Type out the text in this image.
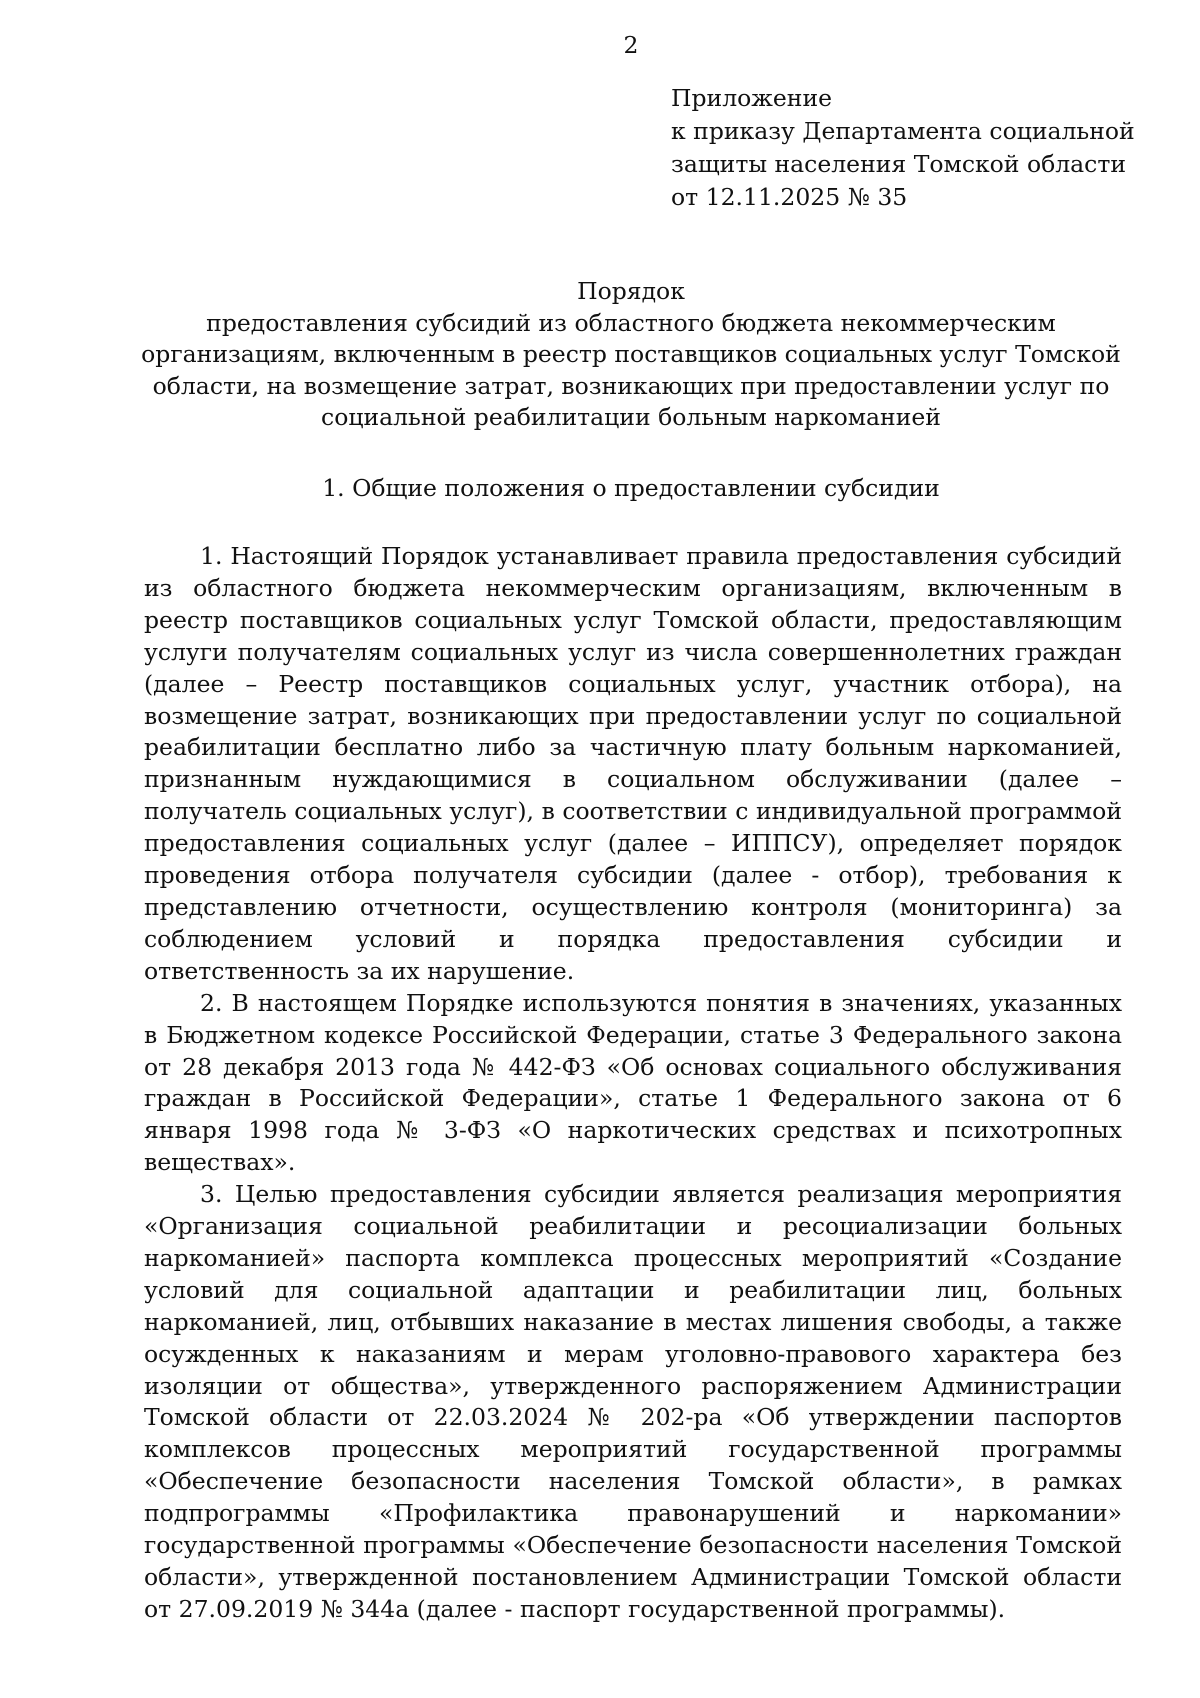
2

Приложение
к приказу Департамента социальной
защиты населения Томской области
от 12.11.2025 № 35
Порядок

предоставления субсидий из областного бюджета некоммерческим организациям, включенным в реестр поставщиков социальных услуг Томской области, на возмещение затрат, возникающих при предоставлении услуг по социальной реабилитации больным наркоманией

1. Общие положения о предоставлении субсидии

1. Настоящий Порядок устанавливает правила предоставления субсидий из областного бюджета некоммерческим организациям, включенным в реестр поставщиков социальных услуг Томской области, предоставляющим услуги получателям социальных услуг из числа совершеннолетних граждан (далее – Реестр поставщиков социальных услуг, участник отбора), на возмещение затрат, возникающих при предоставлении услуг по социальной реабилитации бесплатно либо за частичную плату больным наркоманией, признанным нуждающимися в социальном обслуживании (далее – получатель социальных услуг), в соответствии с индивидуальной программой предоставления социальных услуг (далее – ИППСУ), определяет порядок проведения отбора получателя субсидии (далее - отбор), требования к представлению отчетности, осуществлению контроля (мониторинга) за соблюдением условий и порядка предоставления субсидии и ответственность за их нарушение.

2. В настоящем Порядке используются понятия в значениях, указанных в Бюджетном кодексе Российской Федерации, статье 3 Федерального закона от 28 декабря 2013 года № 442-ФЗ «Об основах социального обслуживания граждан в Российской Федерации», статье 1 Федерального закона от 6 января 1998 года № 3-ФЗ «О наркотических средствах и психотропных веществах».

3. Целью предоставления субсидии является реализация мероприятия «Организация социальной реабилитации и ресоциализации больных наркоманией» паспорта комплекса процессных мероприятий «Создание условий для социальной адаптации и реабилитации лиц, больных наркоманией, лиц, отбывших наказание в местах лишения свободы, а также осужденных к наказаниям и мерам уголовно-правового характера без изоляции от общества», утвержденного распоряжением Администрации Томской области от 22.03.2024 № 202-ра «Об утверждении паспортов комплексов процессных мероприятий государственной программы «Обеспечение безопасности населения Томской области», в рамках подпрограммы «Профилактика правонарушений и наркомании» государственной программы «Обеспечение безопасности населения Томской области», утвержденной постановлением Администрации Томской области от 27.09.2019 № 344а (далее - паспорт государственной программы).
